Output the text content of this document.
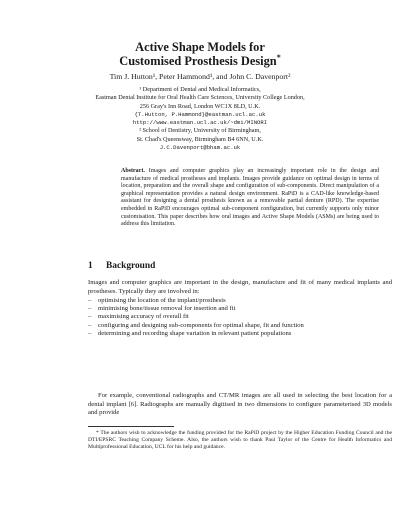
Active Shape Models for
Customised Prosthesis Design*
Tim J. Hutton¹, Peter Hammond¹, and John C. Davenport²
¹ Department of Dental and Medical Informatics,
Eastman Dental Institute for Oral Health Care Sciences, University College London,
256 Gray's Inn Road, London WC1X 8LD, U.K.
{T.Hutton, P.Hammond}@eastman.ucl.ac.uk
http://www.eastman.ucl.ac.uk/~dmi/MINORI
² School of Dentistry, University of Birmingham,
St. Chad's Queensway, Birmingham B4 6NN, U.K.
J.C.Davenport@bham.ac.uk
Abstract. Images and computer graphics play an increasingly important role in the design and manufacture of medical prostheses and implants. Images provide guidance on optimal design in terms of location, preparation and the overall shape and configuration of sub-components. Direct manipulation of a graphical representation provides a natural design environment. RaPiD is a CAD-like knowledge-based assistant for designing a dental prosthesis known as a removable partial denture (RPD). The expertise embedded in RaPiD encourages optimal sub-component configuration, but currently supports only minor customisation. This paper describes how oral images and Active Shape Models (ASMs) are being used to address this limitation.
1 Background
Images and computer graphics are important in the design, manufacture and fit of many medical implants and prostheses. Typically they are involved in:
– optimising the location of the implant/prosthesis
– minimising bone/tissue removal for insertion and fit
– maximising accuracy of overall fit
– configuring and designing sub-components for optimal shape, fit and function
– determining and recording shape variation in relevant patient populations
For example, conventional radiographs and CT/MR images are all used in selecting the best location for a dental implant [6]. Radiographs are manually digitised in two dimensions to configure parameterised 3D models and provide
* The authors wish to acknowledge the funding provided for the RaPiD project by the Higher Education Funding Council and the DTI/EPSRC Teaching Company Scheme. Also, the authors wish to thank Paul Taylor of the Centre for Health Informatics and Multiprofessional Education, UCL for his help and guidance.
